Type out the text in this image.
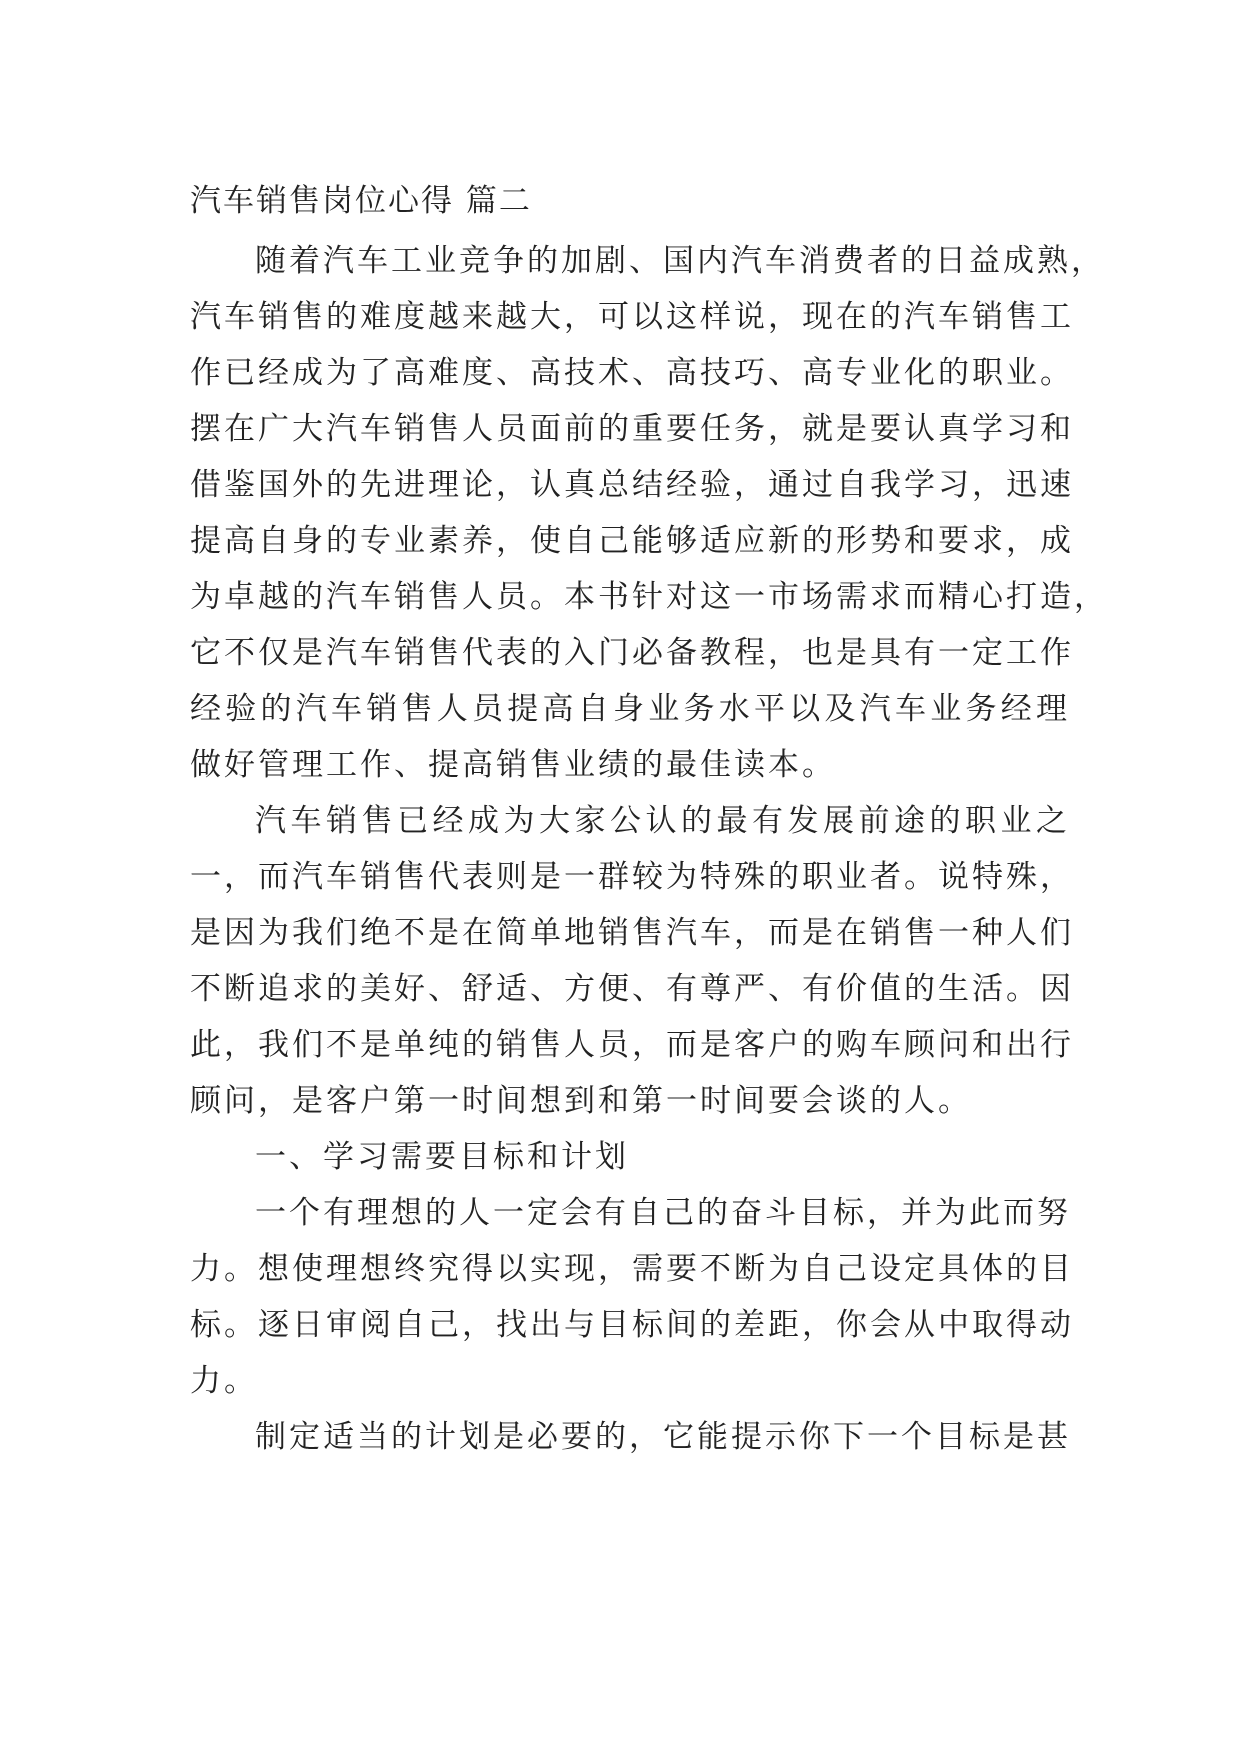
汽车销售岗位心得 篇二
随着汽车工业竞争的加剧、国内汽车消费者的日益成熟，
汽车销售的难度越来越大，可以这样说，现在的汽车销售工
作已经成为了高难度、高技术、高技巧、高专业化的职业。
摆在广大汽车销售人员面前的重要任务，就是要认真学习和
借鉴国外的先进理论，认真总结经验，通过自我学习，迅速
提高自身的专业素养，使自己能够适应新的形势和要求，成
为卓越的汽车销售人员。本书针对这一市场需求而精心打造，
它不仅是汽车销售代表的入门必备教程，也是具有一定工作
经验的汽车销售人员提高自身业务水平以及汽车业务经理
做好管理工作、提高销售业绩的最佳读本。
汽车销售已经成为大家公认的最有发展前途的职业之
一，而汽车销售代表则是一群较为特殊的职业者。说特殊，
是因为我们绝不是在简单地销售汽车，而是在销售一种人们
不断追求的美好、舒适、方便、有尊严、有价值的生活。因
此，我们不是单纯的销售人员，而是客户的购车顾问和出行
顾问，是客户第一时间想到和第一时间要会谈的人。
一、学习需要目标和计划
一个有理想的人一定会有自己的奋斗目标，并为此而努
力。想使理想终究得以实现，需要不断为自己设定具体的目
标。逐日审阅自己，找出与目标间的差距，你会从中取得动
力。
制定适当的计划是必要的，它能提示你下一个目标是甚
